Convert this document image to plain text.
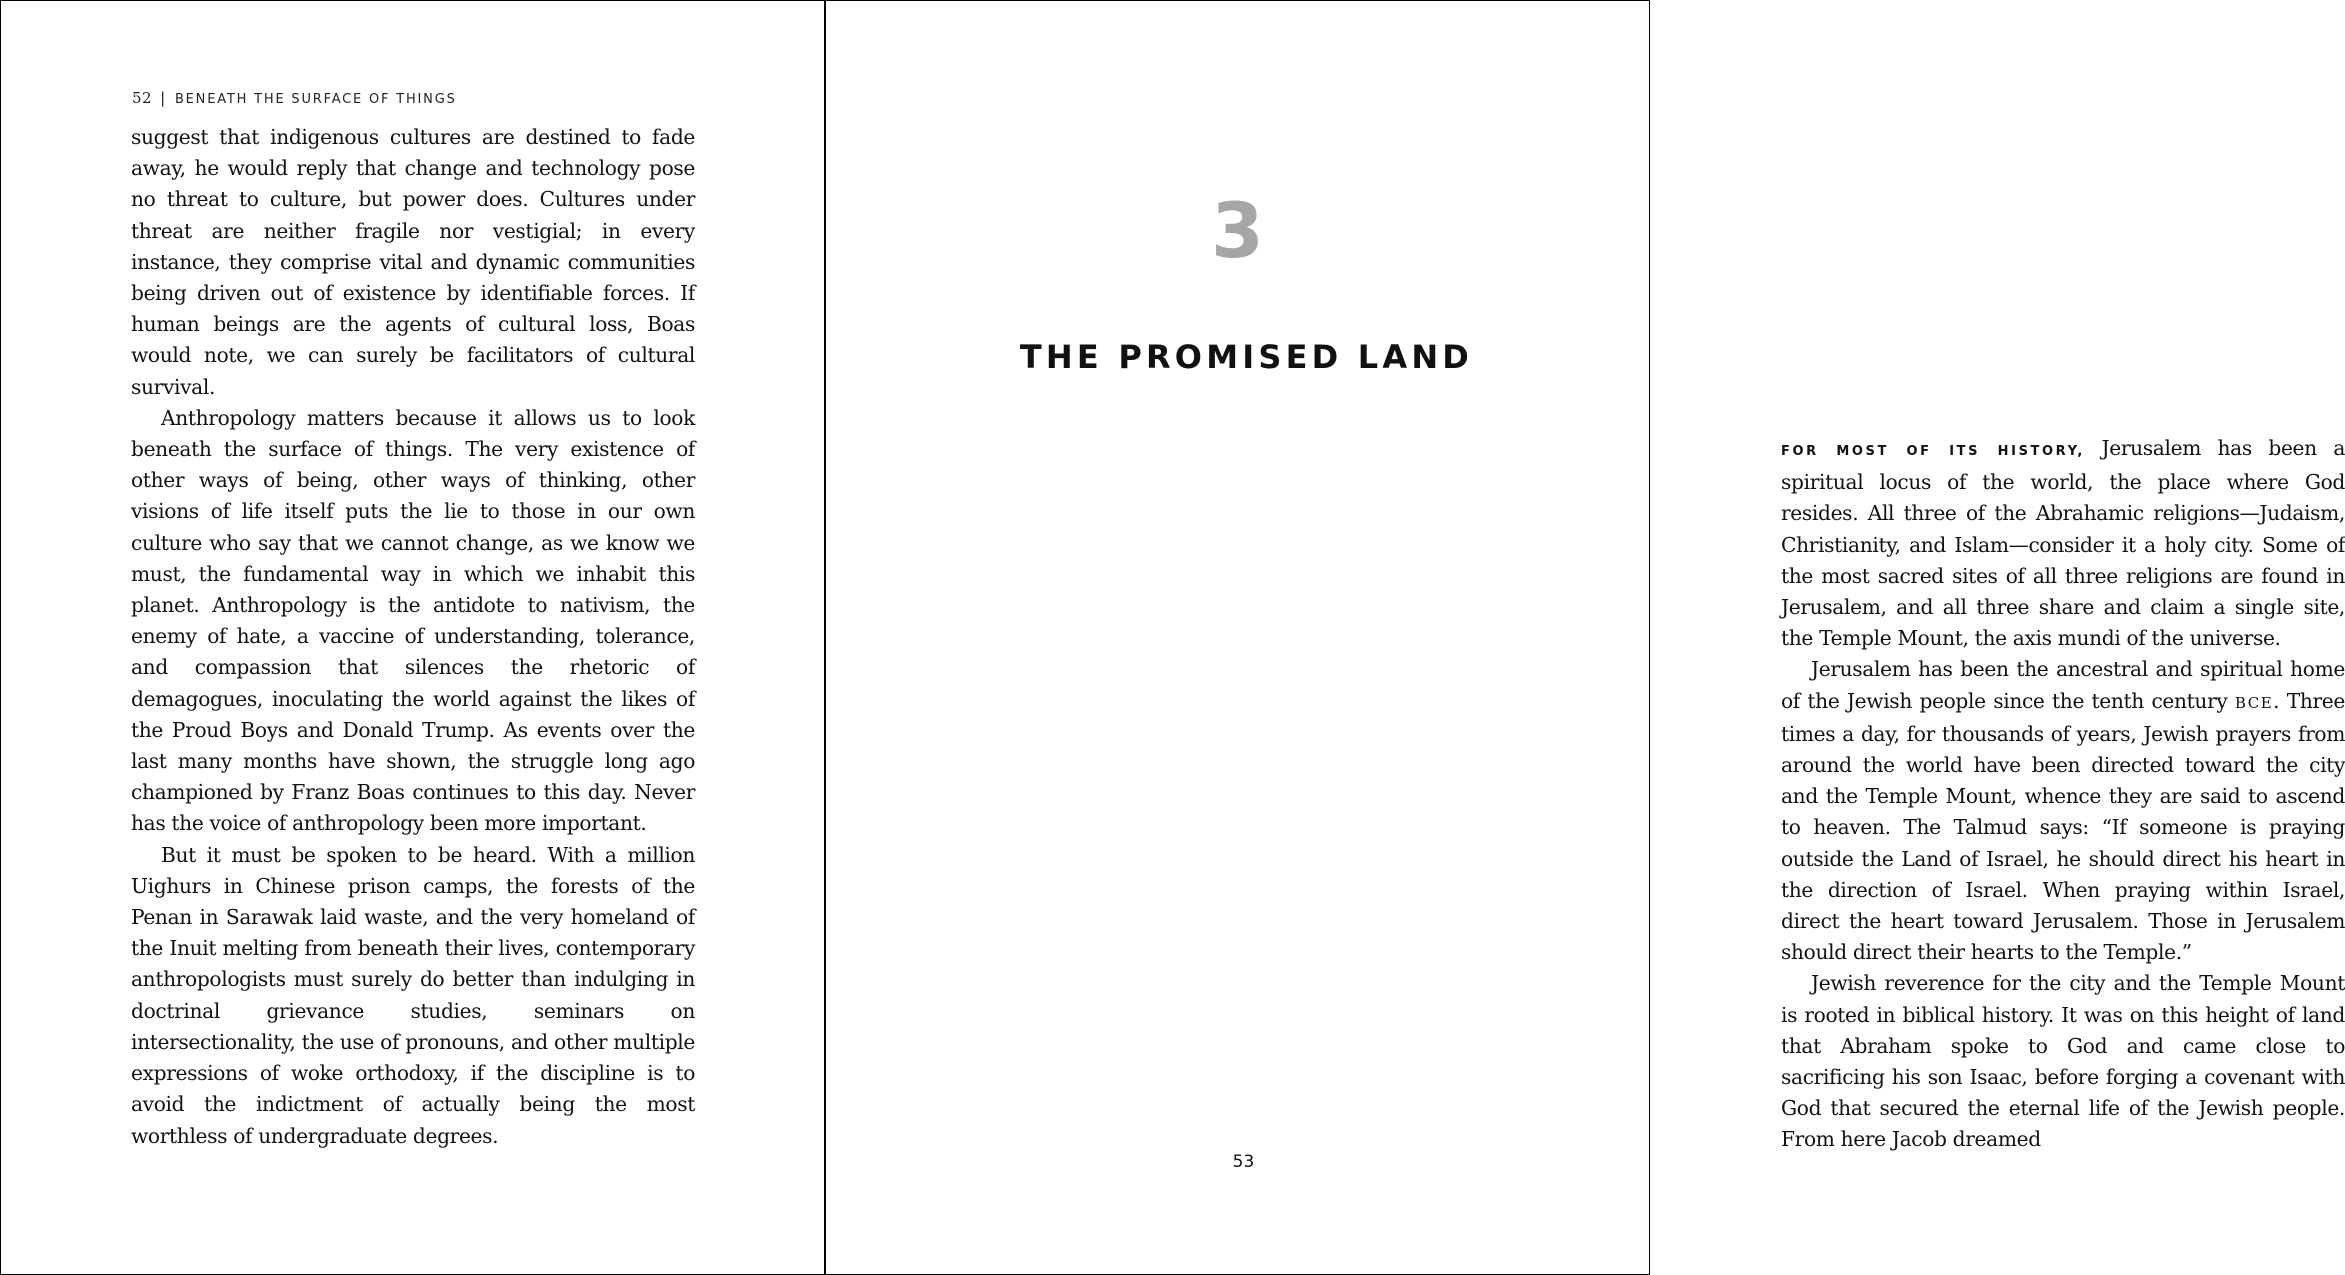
52 | BENEATH THE SURFACE OF THINGS

suggest that indigenous cultures are destined to fade away, he would reply that change and technology pose no threat to culture, but power does. Cultures under threat are neither fragile nor vestigial; in every instance, they comprise vital and dynamic communities being driven out of existence by identifiable forces. If human beings are the agents of cultural loss, Boas would note, we can surely be facilitators of cultural survival.

Anthropology matters because it allows us to look beneath the surface of things. The very existence of other ways of being, other ways of thinking, other visions of life itself puts the lie to those in our own culture who say that we cannot change, as we know we must, the fundamental way in which we inhabit this planet. Anthropology is the antidote to nativism, the enemy of hate, a vaccine of understanding, tolerance, and compassion that silences the rhetoric of demagogues, inoculating the world against the likes of the Proud Boys and Donald Trump. As events over the last many months have shown, the struggle long ago championed by Franz Boas continues to this day. Never has the voice of anthropology been more important.

But it must be spoken to be heard. With a million Uighurs in Chinese prison camps, the forests of the Penan in Sarawak laid waste, and the very homeland of the Inuit melting from beneath their lives, contemporary anthropologists must surely do better than indulging in doctrinal grievance studies, seminars on intersectionality, the use of pronouns, and other multiple expressions of woke orthodoxy, if the discipline is to avoid the indictment of actually being the most worthless of undergraduate degrees.

3
THE PROMISED LAND

FOR MOST OF ITS HISTORY, Jerusalem has been a spiritual locus of the world, the place where God resides. All three of the Abrahamic religions—Judaism, Christianity, and Islam—consider it a holy city. Some of the most sacred sites of all three religions are found in Jerusalem, and all three share and claim a single site, the Temple Mount, the axis mundi of the universe.

Jerusalem has been the ancestral and spiritual home of the Jewish people since the tenth century BCE. Three times a day, for thousands of years, Jewish prayers from around the world have been directed toward the city and the Temple Mount, whence they are said to ascend to heaven. The Talmud says: “If someone is praying outside the Land of Israel, he should direct his heart in the direction of Israel. When praying within Israel, direct the heart toward Jerusalem. Those in Jerusalem should direct their hearts to the Temple.”

Jewish reverence for the city and the Temple Mount is rooted in biblical history. It was on this height of land that Abraham spoke to God and came close to sacrificing his son Isaac, before forging a covenant with God that secured the eternal life of the Jewish people. From here Jacob dreamed

53
